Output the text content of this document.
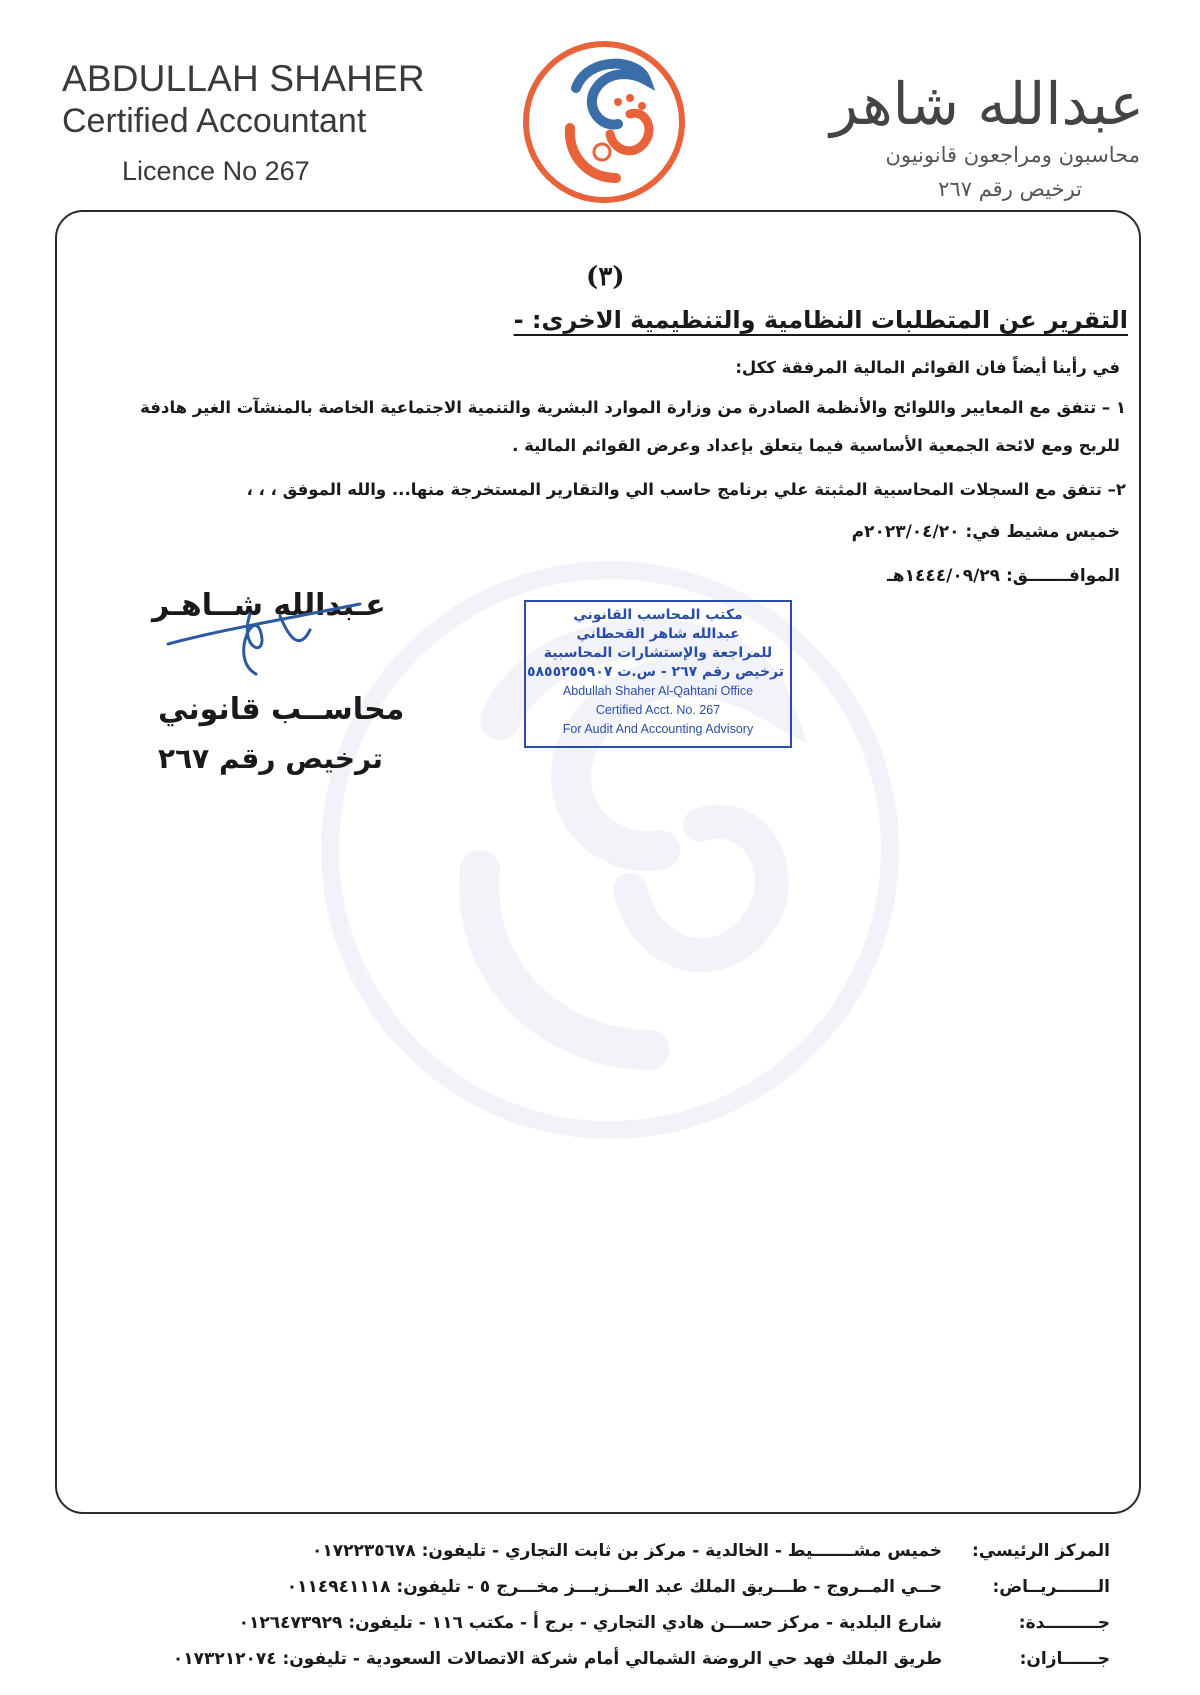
ABDULLAH SHAHER
Certified Accountant
Licence No 267
عبدالله شاهر
محاسبون ومراجعون قانونيون
ترخيص رقم ٢٦٧
(٣)
التقرير عن المتطلبات النظامية والتنظيمية الاخرى: -
في رأينا أيضاً فان القوائم المالية المرفقة ككل:
١ – تتفق مع المعايير واللوائح والأنظمة الصادرة من وزارة الموارد البشرية والتنمية الاجتماعية الخاصة بالمنشآت الغير هادفة
للربح ومع لائحة الجمعية الأساسية فيما يتعلق بإعداد وعرض القوائم المالية .
٢– تتفق مع السجلات المحاسبية المثبتة علي برنامج حاسب الي والتقارير المستخرجة منها... والله الموفق ، ، ،
خميس مشيط في: ٢٠٢٣/٠٤/٢٠م
الموافـــــــق: ١٤٤٤/٠٩/٢٩هـ
عـبدالله شــاهـر
محاســب قانوني
ترخيص رقم ٢٦٧
مكتب المحاسب القانوني
عبدالله شاهر القحطاني
للمراجعة والإستشارات المحاسبية
ترخيص رقم ٢٦٧ - س.ت ٥٨٥٥٢٥٥٩٠٧
Abdullah Shaher Al-Qahtani Office
Certified Acct. No. 267
For Audit And Accounting Advisory
المركز الرئيسي:
خميس مشـــــــيط - الخالدية - مركز بن ثابت التجاري - تليفون: ٠١٧٢٢٣٥٦٧٨
الـــــــريــاض:
حــي المــروج - طـــريق الملك عبد العـــزيـــز مخـــرج ٥ - تليفون: ٠١١٤٩٤١١١٨
جـــــــــدة:
شارع البلدية - مركز حســـن هادي التجاري - برج أ - مكتب ١١٦ - تليفون: ٠١٢٦٤٧٣٩٢٩
جــــــازان:
طريق الملك فهد حي الروضة الشمالي أمام شركة الاتصالات السعودية - تليفون: ٠١٧٣٢١٢٠٧٤
